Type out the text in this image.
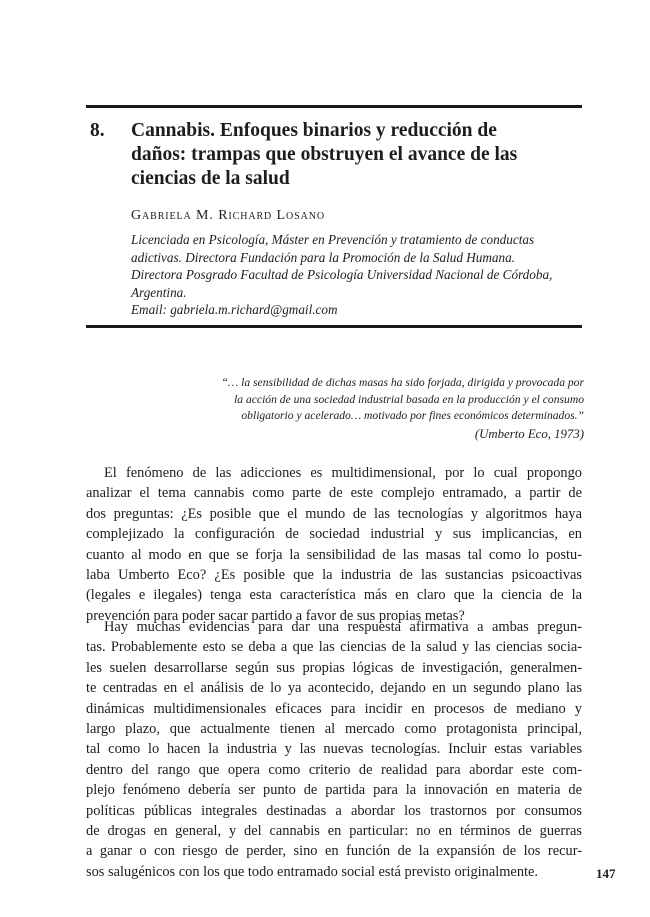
8.	Cannabis. Enfoques binarios y reducción de
daños: trampas que obstruyen el avance de las
ciencias de la salud
Gabriela M. Richard Losano
Licenciada en Psicología, Máster en Prevención y tratamiento de conductas
adictivas. Directora Fundación para la Promoción de la Salud Humana.
Directora Posgrado Facultad de Psicología Universidad Nacional de Córdoba,
Argentina.
Email: gabriela.m.richard@gmail.com
“… la sensibilidad de dichas masas ha sido forjada, dirigida y provocada por
la acción de una sociedad industrial basada en la producción y el consumo
obligatorio y acelerado… motivado por fines económicos determinados.”
(Umberto Eco, 1973)
El fenómeno de las adicciones es multidimensional, por lo cual propongo
analizar el tema cannabis como parte de este complejo entramado, a partir de
dos preguntas: ¿Es posible que el mundo de las tecnologías y algoritmos haya
complejizado la configuración de sociedad industrial y sus implicancias, en
cuanto al modo en que se forja la sensibilidad de las masas tal como lo postu-
laba Umberto Eco? ¿Es posible que la industria de las sustancias psicoactivas
(legales e ilegales) tenga esta característica más en claro que la ciencia de la
prevención para poder sacar partido a favor de sus propias metas?
Hay muchas evidencias para dar una respuesta afirmativa a ambas pregun-
tas. Probablemente esto se deba a que las ciencias de la salud y las ciencias socia-
les suelen desarrollarse según sus propias lógicas de investigación, generalmen-
te centradas en el análisis de lo ya acontecido, dejando en un segundo plano las
dinámicas multidimensionales eficaces para incidir en procesos de mediano y
largo plazo, que actualmente tienen al mercado como protagonista principal,
tal como lo hacen la industria y las nuevas tecnologías. Incluir estas variables
dentro del rango que opera como criterio de realidad para abordar este com-
plejo fenómeno debería ser punto de partida para la innovación en materia de
políticas públicas integrales destinadas a abordar los trastornos por consumos
de drogas en general, y del cannabis en particular: no en términos de guerras
a ganar o con riesgo de perder, sino en función de la expansión de los recur-
sos salugénicos con los que todo entramado social está previsto originalmente.	147
